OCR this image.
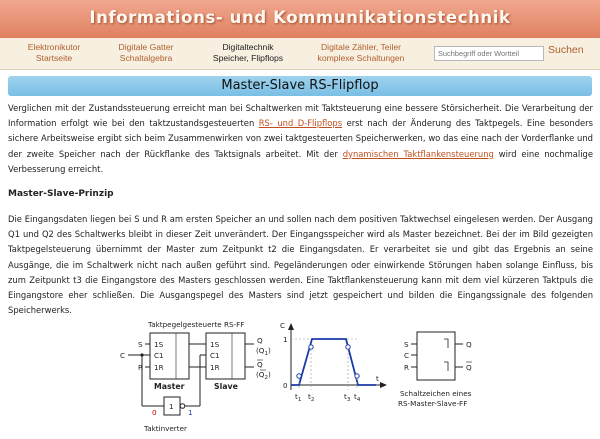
Informations- und Kommunikationstechnik
Elektronikutor
Startseite
Digitale Gatter
Schaltalgebra
Digitaltechnik
Speicher, Flipflops
Digitale Zähler, Teiler
komplexe Schaltungen
Suchbegriff oder Wortteil
Suchen
Master-Slave RS-Flipflop

Verglichen mit der Zustandssteuerung erreicht man bei Schaltwerken mit Taktsteuerung eine bessere Störsicherheit. Die Verarbeitung der Information erfolgt wie bei den taktzustandsgesteuerten RS- und D-Flipflops erst nach der Änderung des Taktpegels. Eine besonders sichere Arbeitsweise ergibt sich beim Zusammenwirken von zwei taktgesteuerten Speicherwerken, wo das eine nach der Vorderflanke und der zweite Speicher nach der Rückflanke des Taktsignals arbeitet. Mit der dynamischen Taktflankensteuerung wird eine nochmalige Verbesserung erreicht.

Master-Slave-Prinzip

Die Eingangsdaten liegen bei S und R am ersten Speicher an und sollen nach dem positiven Taktwechsel eingelesen werden. Der Ausgang Q1 und Q2 des Schaltwerks bleibt in dieser Zeit unverändert. Der Eingangsspeicher wird als Master bezeichnet. Bei der im Bild gezeigten Taktpegelsteuerung übernimmt der Master zum Zeitpunkt t2 die Eingangsdaten. Er verarbeitet sie und gibt das Ergebnis an seine Ausgänge, die im Schaltwerk nicht nach außen geführt sind. Pegeländerungen oder einwirkende Störungen haben solange Einfluss, bis zum Zeitpunkt t3 die Eingangstore des Masters geschlossen werden. Eine Taktflankensteuerung kann mit dem viel kürzeren Taktpuls die Eingangstore eher schließen. Die Ausgangspegel des Masters sind jetzt gespeichert und bilden die Eingangssignale des folgenden Speicherwerks.

Taktpegelgesteuerte RS-FF
1S
C1
1R
Master
1S
C1
1R
Slave
S
C
R
Q
$(Q_1)$
Q
$(Q_2)$
1
0	1
Taktinverter
C
1
0
t
$t_1$ $t_2$	$t_3$ $t_4$
S
C
R
Q
Q
Schaltzeichen eines
RS-Master-Slave-FF
